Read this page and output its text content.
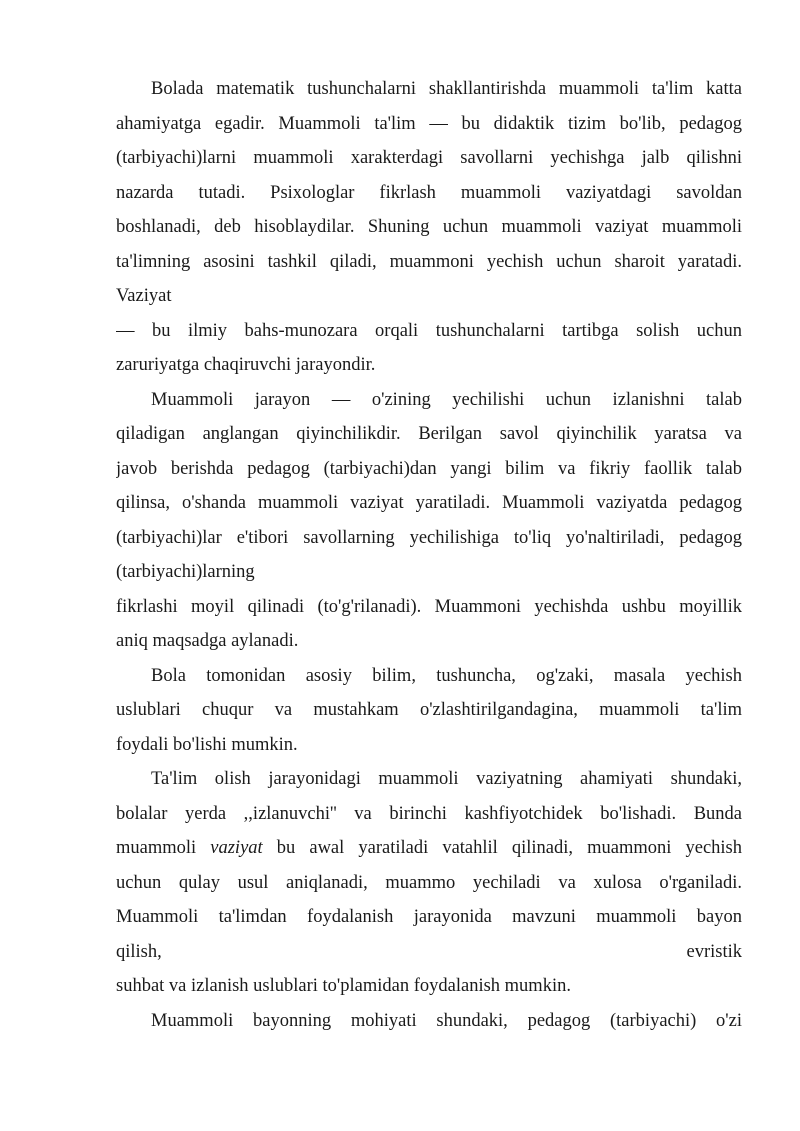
Bolada matematik tushunchalarni shakllantirishda muammoli ta'lim katta
ahamiyatga egadir. Muammoli ta'lim — bu didaktik tizim bo'lib, pedagog
(tarbiyachi)larni muammoli xarakterdagi savollarni yechishga jalb qilishni
nazarda tutadi. Psixologlar fikrlash muammoli vaziyatdagi savoldan
boshlanadi, deb hisoblaydilar. Shuning uchun muammoli vaziyat muammoli
ta'limning asosini tashkil qiladi, muammoni yechish uchun sharoit yaratadi.
Vaziyat
— bu ilmiy bahs-munozara orqali tushunchalarni tartibga solish uchun
zaruriyatga chaqiruvchi jarayondir.
Muammoli jarayon — o'zining yechilishi uchun izlanishni talab
qiladigan anglangan qiyinchilikdir. Berilgan savol qiyinchilik yaratsa va
javob berishda pedagog (tarbiyachi)dan yangi bilim va fikriy faollik talab
qilinsa, o'shanda muammoli vaziyat yaratiladi. Muammoli vaziyatda pedagog
(tarbiyachi)lar e'tibori savollarning yechilishiga to'liq yo'naltiriladi, pedagog
(tarbiyachi)larning
fikrlashi moyil qilinadi (to'g'rilanadi). Muammoni yechishda ushbu moyillik
aniq maqsadga aylanadi.
Bola tomonidan asosiy bilim, tushuncha, og'zaki, masala yechish
uslublari chuqur va mustahkam o'zlashtirilgandagina, muammoli ta'lim
foydali bo'lishi mumkin.
Ta'lim olish jarayonidagi muammoli vaziyatning ahamiyati shundaki,
bolalar yerda ,,izlanuvchi'' va birinchi kashfiyotchidek bo'lishadi. Bunda
muammoli vaziyat bu awal yaratiladi vatahlil qilinadi, muammoni yechish
uchun qulay usul aniqlanadi, muammo yechiladi va xulosa o'rganiladi.
Muammoli ta'limdan foydalanish jarayonida mavzuni muammoli bayon
qilish, evristik
suhbat va izlanish uslublari to'plamidan foydalanish mumkin.
Muammoli bayonning mohiyati shundaki, pedagog (tarbiyachi) o'zi
